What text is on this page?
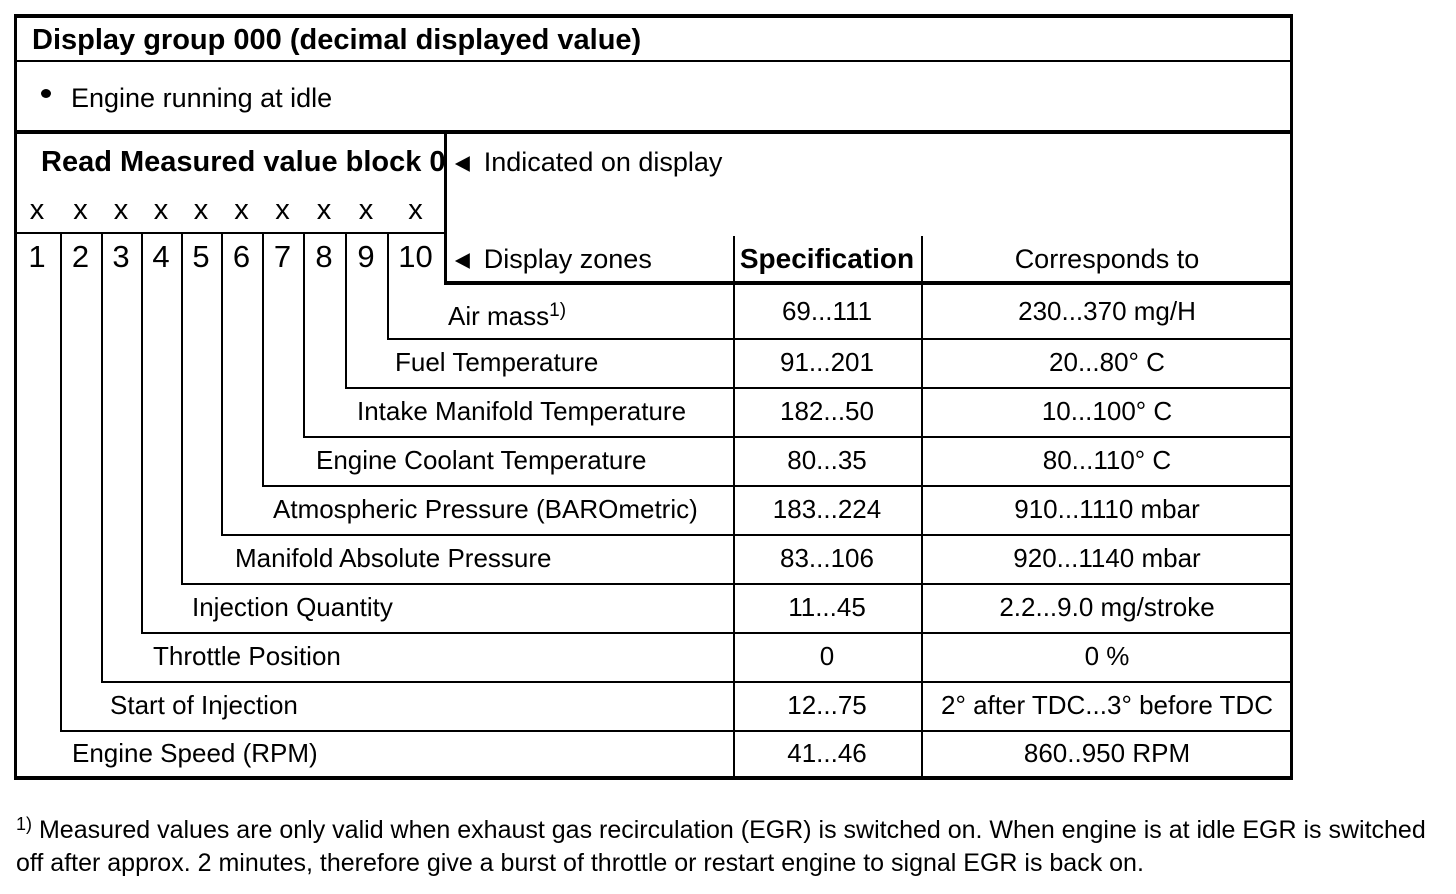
Display group 000 (decimal displayed value)
Engine running at idle
Read Measured value block 0
x	x x x x x x x x	x
1 2 3 4 5 6 7 8 9 10
◄ Indicated on display
◄ Display zones	Specification	Corresponds to
Air mass$^{1)}$	69...111	230...370 mg/H
Fuel Temperature	91...201	20...80° C
Intake Manifold Temperature	182...50	10...100° C
Engine Coolant Temperature	80...35	80...110° C
Atmospheric Pressure (BAROmetric)	183...224	910...1110 mbar
Manifold Absolute Pressure	83...106	920...1140 mbar
Injection Quantity	11...45	2.2...9.0 mg/stroke
Throttle Position	0	0 %
Start of Injection	12...75	2° after TDC...3° before TDC
Engine Speed (RPM)	41...46	860..950 RPM
$^{1)}$ Measured values are only valid when exhaust gas recirculation (EGR) is switched on. When engine is at idle EGR is switched off after approx. 2 minutes, therefore give a burst of throttle or restart engine to signal EGR is back on.
